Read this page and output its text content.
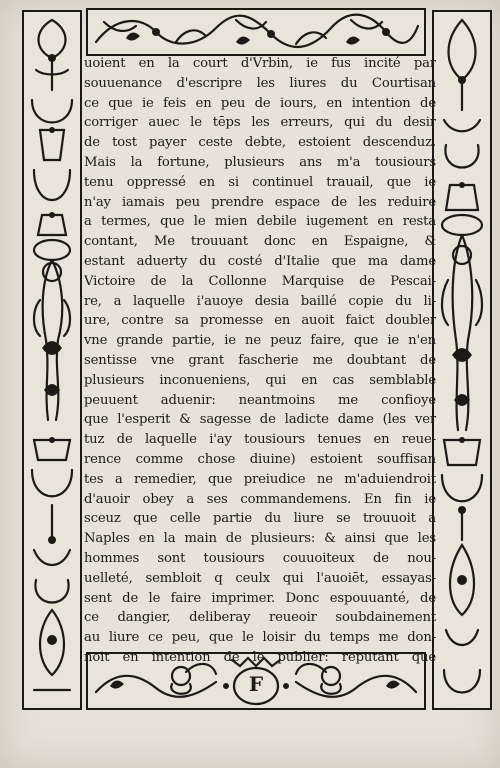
F
uoient en la court d'Vrbin, ie fus incité par
souuenance d'escripre les liures du Courtisan
ce que ie feis en peu de iours, en intention de
corriger auec le tēps les erreurs, qui du desir
de tost payer ceste debte, estoient descenduz.
Mais la fortune, plusieurs ans m'a tousiours
tenu oppressé en si continuel trauail, que ie
n'ay iamais peu prendre espace de les reduire
a termes, que le mien debile iugement en resta
contant, Me trouuant donc en Espaigne, &
estant aduerty du costé d'Italie que ma dame
Victoire de la Collonne Marquise de Pescai-
re, a laquelle i'auoye desia baillé copie du li-
ure, contre sa promesse en auoit faict doubler
vne grande partie, ie ne peuz faire, que ie n'en
sentisse vne grant fascherie me doubtant de
plusieurs inconueniens, qui en cas semblable
peuuent aduenir: neantmoins me confioye
que l'esperit & sagesse de ladicte dame (les ver
tuz de laquelle i'ay tousiours tenues en reue-
rence comme chose diuine) estoient souffisan
tes a remedier, que preiudice ne m'aduiendroit
d'auoir obey a ses commandemens. En fin ie
sceuz que celle partie du liure se trouuoit a
Naples en la main de plusieurs: & ainsi que les
hommes sont tousiours couuoiteux de nou-
uelleté, sembloit q ceulx qui l'auoiēt, essayas-
sent de le faire imprimer. Donc espouuanté, de
ce dangier, deliberay reueoir soubdainement
au liure ce peu, que le loisir du temps me don-
noit en intention de le publier: reputant que
